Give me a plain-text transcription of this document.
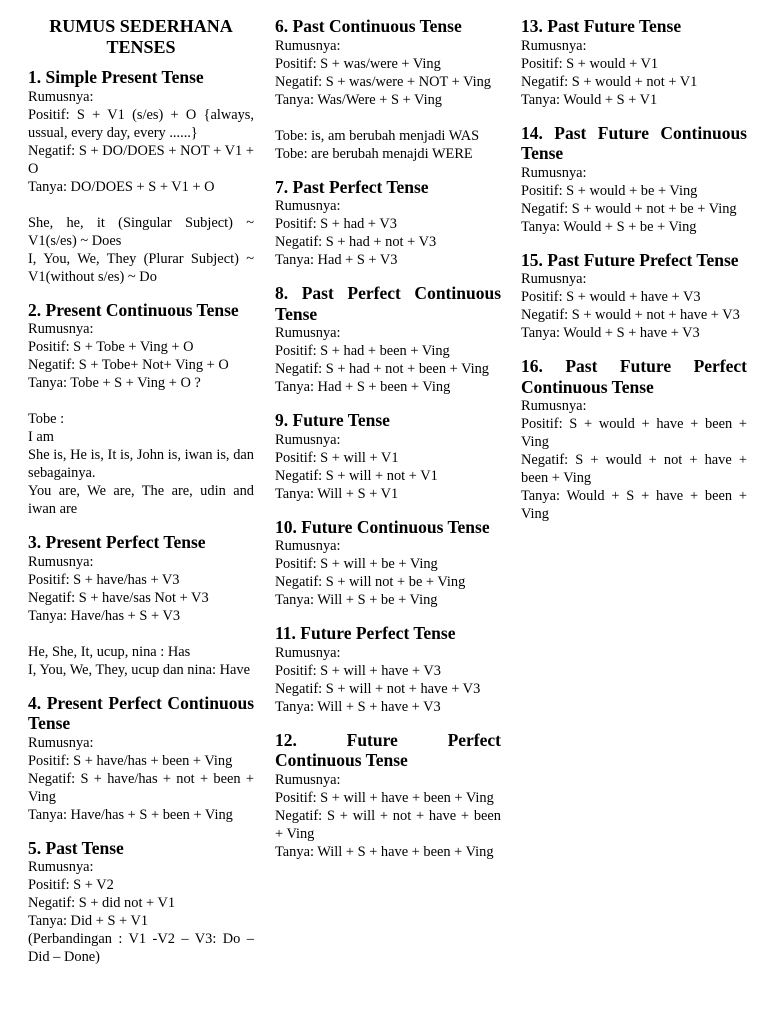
RUMUS SEDERHANA TENSES
1. Simple Present Tense

Rumusnya:

Positif: S + V1 (s/es) + O {always, ussual, every day, every ......}

Negatif: S + DO/DOES + NOT + V1 + O

Tanya: DO/DOES + S + V1 + O

She, he, it (Singular Subject) ~ V1(s/es) ~ Does

I, You, We, They (Plurar Subject) ~ V1(without s/es) ~ Do

2. Present Continuous Tense

Rumusnya:

Positif: S + Tobe + Ving + O

Negatif: S + Tobe+ Not+ Ving + O

Tanya: Tobe + S + Ving + O ?

Tobe :

I am

She is, He is, It is, John is, iwan is, dan sebagainya.

You are, We are, The are, udin and iwan are

3. Present Perfect Tense

Rumusnya:

Positif: S + have/has + V3

Negatif: S + have/sas Not + V3

Tanya: Have/has + S + V3

He, She, It, ucup, nina : Has

I, You, We, They, ucup dan nina: Have

4. Present Perfect Continuous Tense

Rumusnya:

Positif: S + have/has + been + Ving

Negatif: S + have/has + not + been + Ving

Tanya: Have/has + S + been + Ving

5. Past Tense

Rumusnya:

Positif: S + V2

Negatif: S + did not + V1

Tanya: Did + S + V1

(Perbandingan : V1 -V2 – V3: Do – Did – Done)

6. Past Continuous Tense

Rumusnya:

Positif: S + was/were + Ving

Negatif: S + was/were + NOT + Ving

Tanya: Was/Were + S + Ving

Tobe: is, am berubah menjadi WAS

Tobe: are berubah menajdi WERE

7. Past Perfect Tense

Rumusnya:

Positif: S + had + V3

Negatif: S + had + not + V3

Tanya: Had + S + V3

8. Past Perfect Continuous Tense

Rumusnya:

Positif: S + had + been + Ving

Negatif: S + had + not + been + Ving

Tanya: Had + S + been + Ving

9. Future Tense

Rumusnya:

Positif: S + will + V1

Negatif: S + will + not + V1

Tanya: Will + S + V1

10. Future Continuous Tense

Rumusnya:

Positif: S + will + be + Ving

Negatif: S + will not + be + Ving

Tanya: Will + S + be + Ving

11. Future Perfect Tense

Rumusnya:

Positif: S + will + have + V3

Negatif: S + will + not + have + V3

Tanya: Will + S + have + V3

12. Future Perfect Continuous Tense

Rumusnya:

Positif: S + will + have + been + Ving

Negatif: S + will + not + have + been + Ving

Tanya: Will + S + have + been + Ving

13. Past Future Tense

Rumusnya:

Positif: S + would + V1

Negatif: S + would + not + V1

Tanya: Would + S + V1

14. Past Future Continuous Tense

Rumusnya:

Positif: S + would + be + Ving

Negatif: S + would + not + be + Ving

Tanya: Would + S + be + Ving

15. Past Future Prefect Tense

Rumusnya:

Positif: S + would + have + V3

Negatif: S + would + not + have + V3

Tanya: Would + S + have + V3

16. Past Future Perfect Continuous Tense

Rumusnya:

Positif: S + would + have + been + Ving

Negatif: S + would + not + have + been + Ving

Tanya: Would + S + have + been + Ving
